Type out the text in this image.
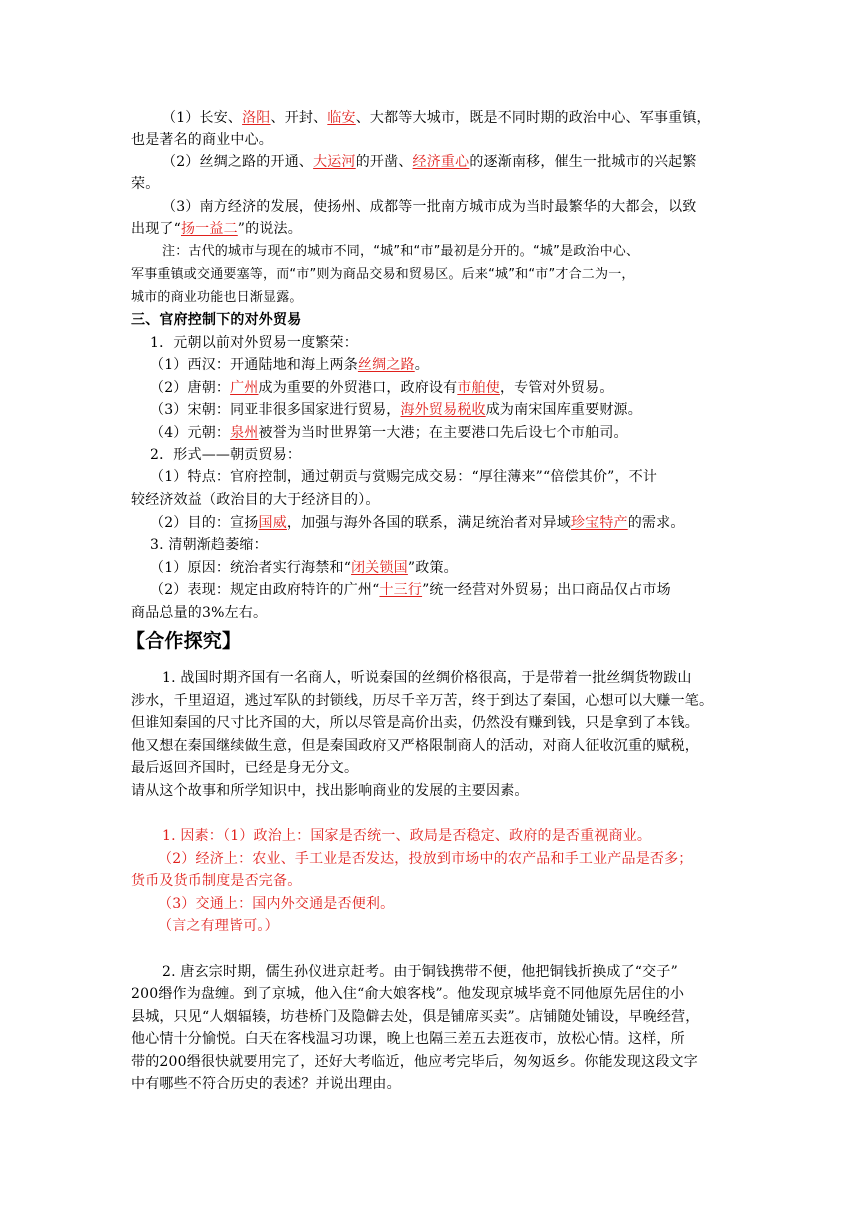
（1）长安、洛阳、开封、临安、大都等大城市，既是不同时期的政治中心、军事重镇，
也是著名的商业中心。
（2）丝绸之路的开通、大运河的开凿、经济重心的逐渐南移，催生一批城市的兴起繁
荣。
（3）南方经济的发展，使扬州、成都等一批南方城市成为当时最繁华的大都会，以致
出现了“扬一益二”的说法。
注：古代的城市与现在的城市不同，“城”和“市”最初是分开的。“城”是政治中心、
军事重镇或交通要塞等，而“市”则为商品交易和贸易区。后来“城”和“市”才合二为一，
城市的商业功能也日渐显露。
三、官府控制下的对外贸易
1．元朝以前对外贸易一度繁荣：
（1）西汉：开通陆地和海上两条丝绸之路。
（2）唐朝：广州成为重要的外贸港口，政府设有市舶使，专管对外贸易。
（3）宋朝：同亚非很多国家进行贸易，海外贸易税收成为南宋国库重要财源。
（4）元朝：泉州被誉为当时世界第一大港；在主要港口先后设七个市舶司。
2．形式——朝贡贸易：
（1）特点：官府控制，通过朝贡与赏赐完成交易：“厚往薄来”“倍偿其价”，不计
较经济效益（政治目的大于经济目的）。
（2）目的：宣扬国威，加强与海外各国的联系，满足统治者对异域珍宝特产的需求。
3. 清朝渐趋萎缩：
（1）原因：统治者实行海禁和“闭关锁国”政策。
（2）表现：规定由政府特许的广州“十三行”统一经营对外贸易；出口商品仅占市场
商品总量的3%左右。
【合作探究】
1. 战国时期齐国有一名商人，听说秦国的丝绸价格很高，于是带着一批丝绸货物跋山
涉水，千里迢迢，逃过军队的封锁线，历尽千辛万苦，终于到达了秦国，心想可以大赚一笔。
但谁知秦国的尺寸比齐国的大，所以尽管是高价出卖，仍然没有赚到钱，只是拿到了本钱。
他又想在秦国继续做生意，但是秦国政府又严格限制商人的活动，对商人征收沉重的赋税，
最后返回齐国时，已经是身无分文。
请从这个故事和所学知识中，找出影响商业的发展的主要因素。
1. 因素：（1）政治上：国家是否统一、政局是否稳定、政府的是否重视商业。
（2）经济上：农业、手工业是否发达，投放到市场中的农产品和手工业产品是否多；
货币及货币制度是否完备。
（3）交通上：国内外交通是否便利。
（言之有理皆可。）
2. 唐玄宗时期，儒生孙仪进京赶考。由于铜钱携带不便，他把铜钱折换成了“交子”
200缗作为盘缠。到了京城，他入住“俞大娘客栈”。他发现京城毕竟不同他原先居住的小
县城，只见“人烟辐辏，坊巷桥门及隐僻去处，俱是铺席买卖”。店铺随处铺设，早晚经营，
他心情十分愉悦。白天在客栈温习功课，晚上也隔三差五去逛夜市，放松心情。这样，所
带的200缗很快就要用完了，还好大考临近，他应考完毕后，匆匆返乡。你能发现这段文字
中有哪些不符合历史的表述？并说出理由。
